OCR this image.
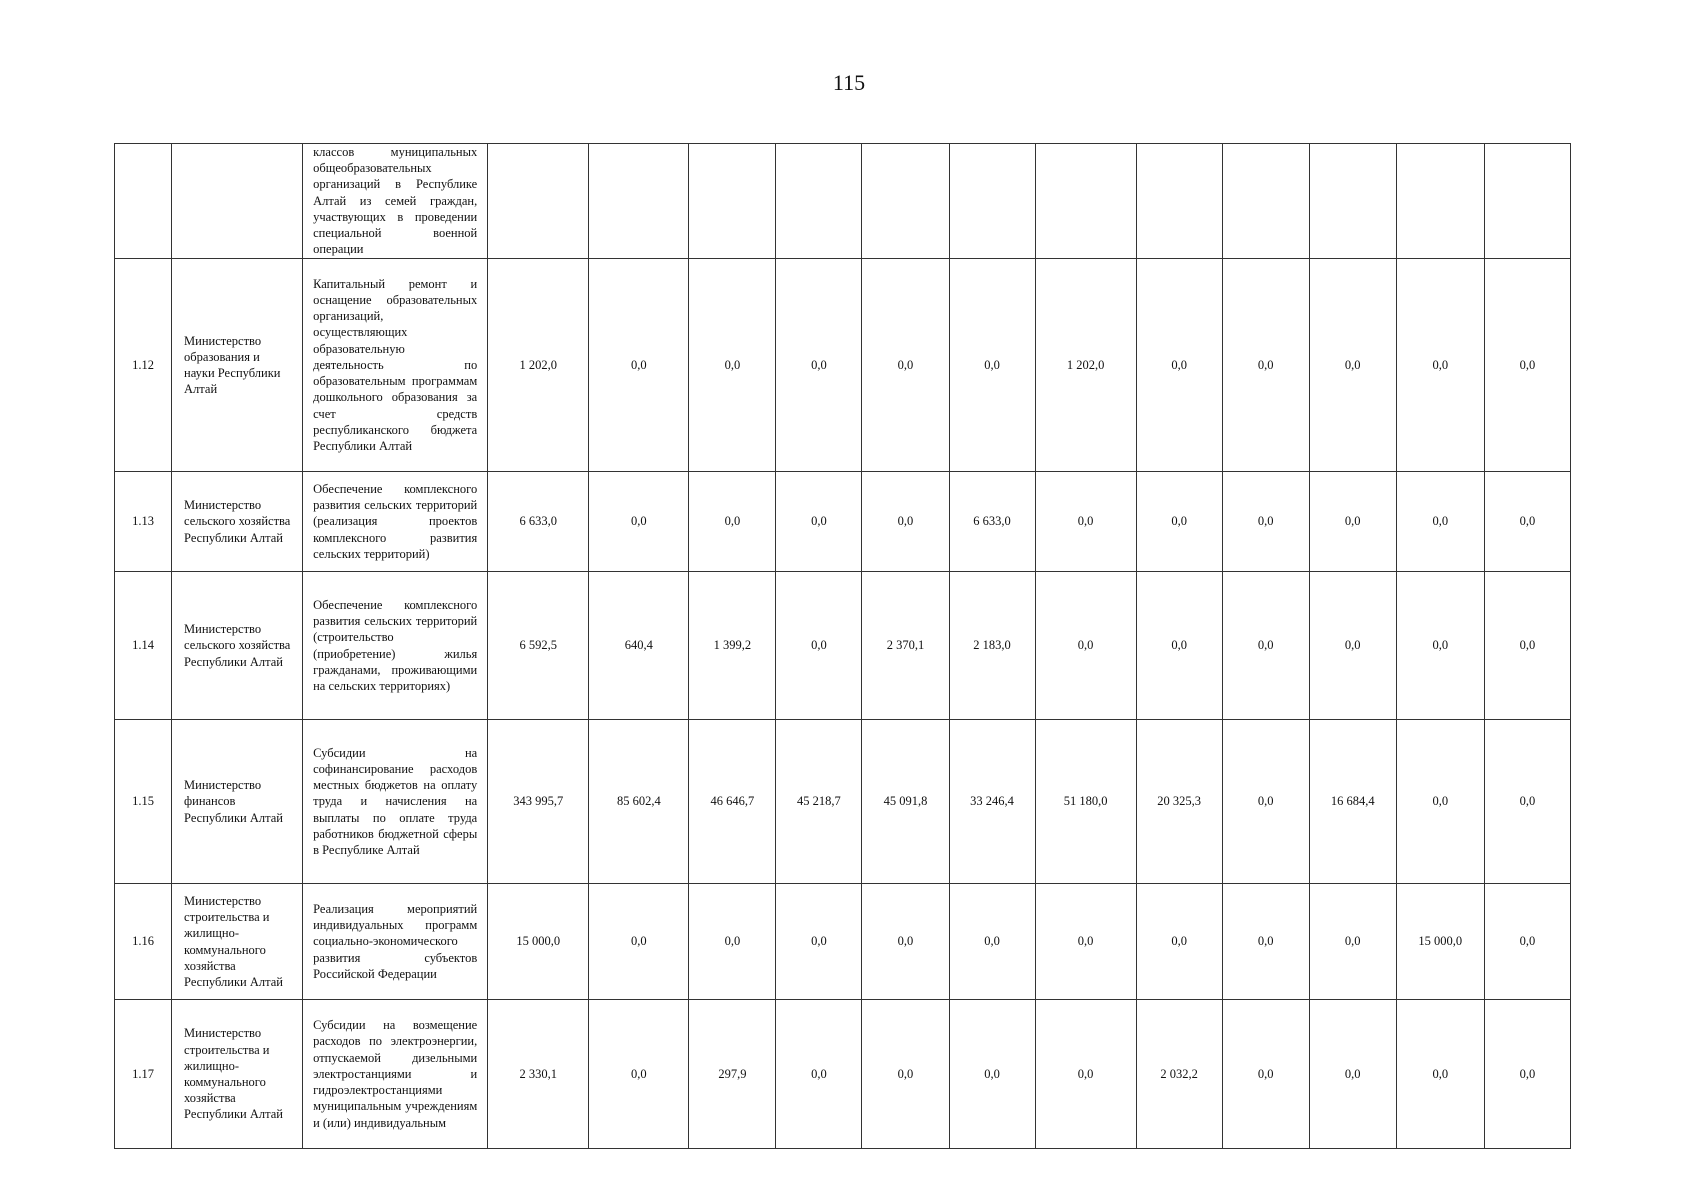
115
		классов муниципальных общеобразовательных организаций в Республике Алтай из семей граждан, участвующих в проведении специальной военной операции												
1.12	Министерство образования и науки Республики Алтай	Капитальный ремонт и оснащение образовательных организаций, осуществляющих образовательную деятельность по образовательным программам дошкольного образования за счет средств республиканского бюджета Республики Алтай	1 202,0	0,0	0,0	0,0	0,0	0,0	1 202,0	0,0	0,0	0,0	0,0	0,0
1.13	Министерство сельского хозяйства Республики Алтай	Обеспечение комплексного развития сельских территорий (реализация проектов комплексного развития сельских территорий)	6 633,0	0,0	0,0	0,0	0,0	6 633,0	0,0	0,0	0,0	0,0	0,0	0,0
1.14	Министерство сельского хозяйства Республики Алтай	Обеспечение комплексного развития сельских территорий (строительство (приобретение) жилья гражданами, проживающими на сельских территориях)	6 592,5	640,4	1 399,2	0,0	2 370,1	2 183,0	0,0	0,0	0,0	0,0	0,0	0,0
1.15	Министерство финансов Республики Алтай	Субсидии на софинансирование расходов местных бюджетов на оплату труда и начисления на выплаты по оплате труда работников бюджетной сферы в Республике Алтай	343 995,7	85 602,4	46 646,7	45 218,7	45 091,8	33 246,4	51 180,0	20 325,3	0,0	16 684,4	0,0	0,0
1.16	Министерство строительства и жилищно-коммунального хозяйства Республики Алтай	Реализация мероприятий индивидуальных программ социально-экономического развития субъектов Российской Федерации	15 000,0	0,0	0,0	0,0	0,0	0,0	0,0	0,0	0,0	0,0	15 000,0	0,0
1.17	Министерство строительства и жилищно-коммунального хозяйства Республики Алтай	Субсидии на возмещение расходов по электроэнергии, отпускаемой дизельными электростанциями и гидроэлектростанциями муниципальным учреждениям и (или) индивидуальным	2 330,1	0,0	297,9	0,0	0,0	0,0	0,0	2 032,2	0,0	0,0	0,0	0,0
